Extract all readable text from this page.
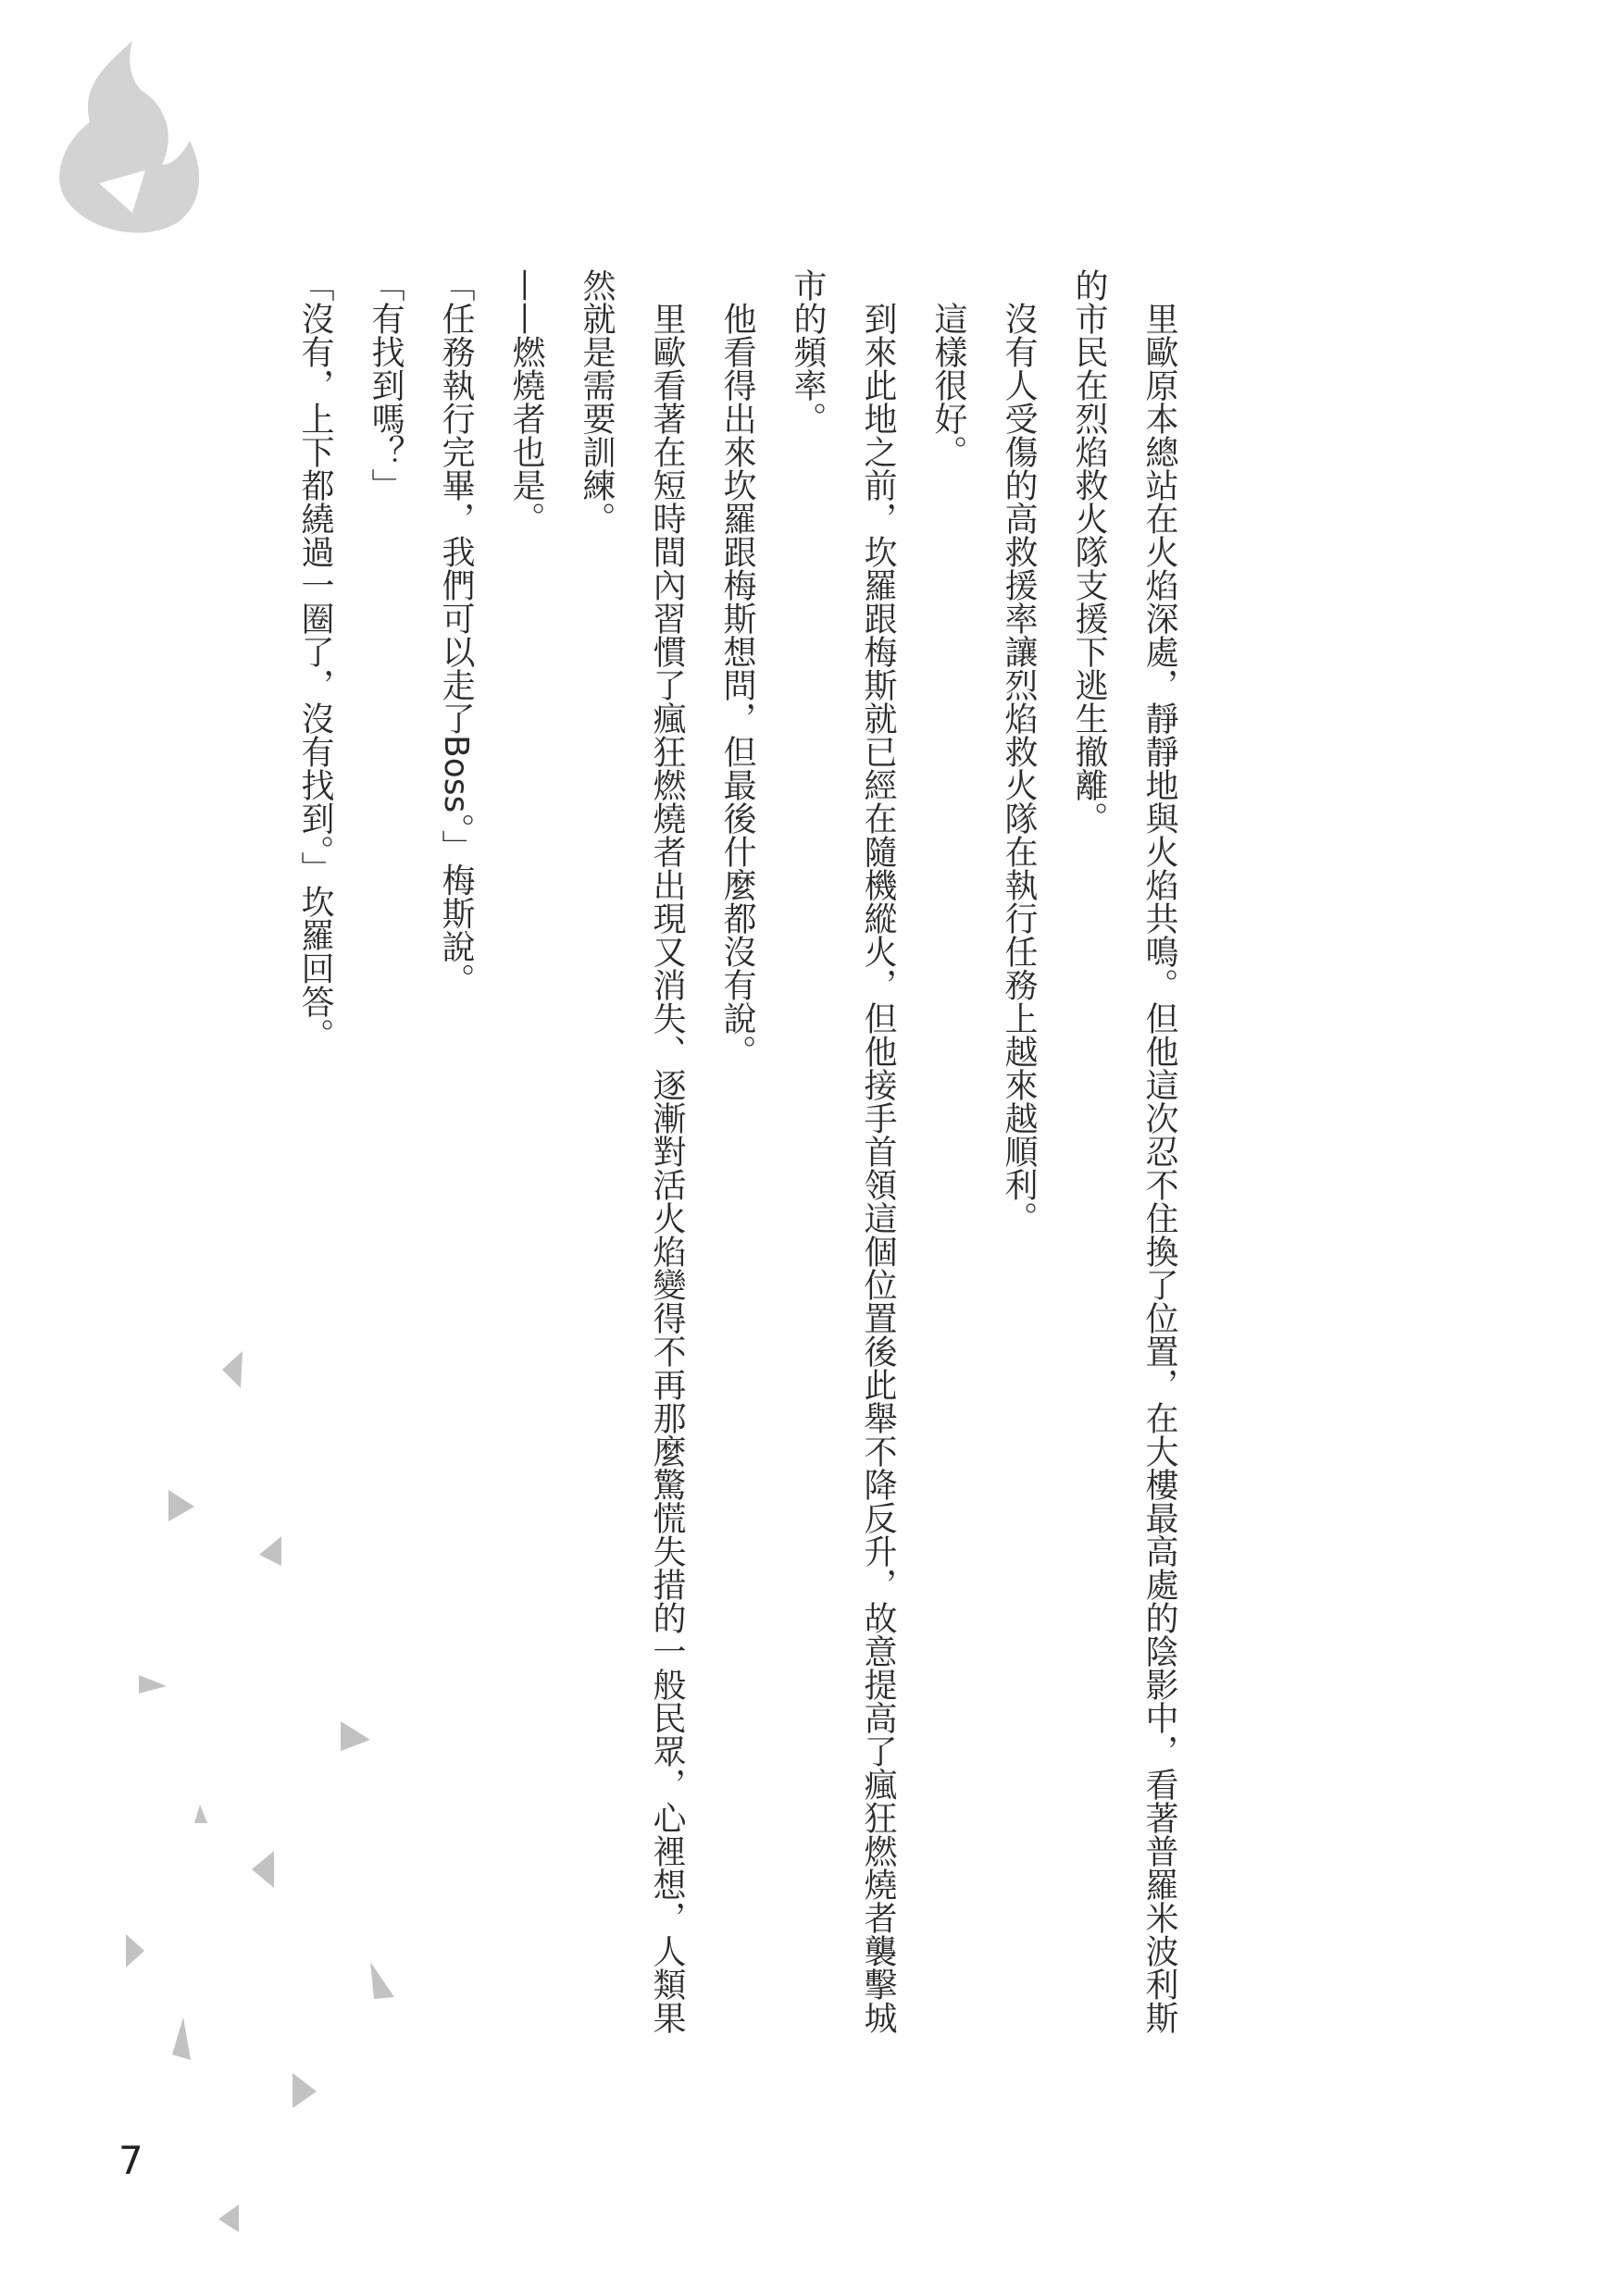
里歐原本總站在火焰深處，靜靜地與火焰共鳴。但他這次忍不住換了位置，在大樓最高處的陰影中，看著普羅米波利斯的市民在烈焰救火隊支援下逃生撤離。

沒有人受傷的高救援率讓烈焰救火隊在執行任務上越來越順利。

這樣很好。

到來此地之前，坎羅跟梅斯就已經在隨機縱火，但他接手首領這個位置後此舉不降反升，故意提高了瘋狂燃燒者襲擊城市的頻率。

他看得出來坎羅跟梅斯想問，但最後什麼都沒有說。

里歐看著在短時間內習慣了瘋狂燃燒者出現又消失、逐漸對活火焰變得不再那麼驚慌失措的一般民眾，心裡想，人類果然就是需要訓練。

——燃燒者也是。

「任務執行完畢，我們可以走了Boss。」梅斯說。

「有找到嗎？」

「沒有，上下都繞過一圈了，沒有找到。」坎羅回答。

7
